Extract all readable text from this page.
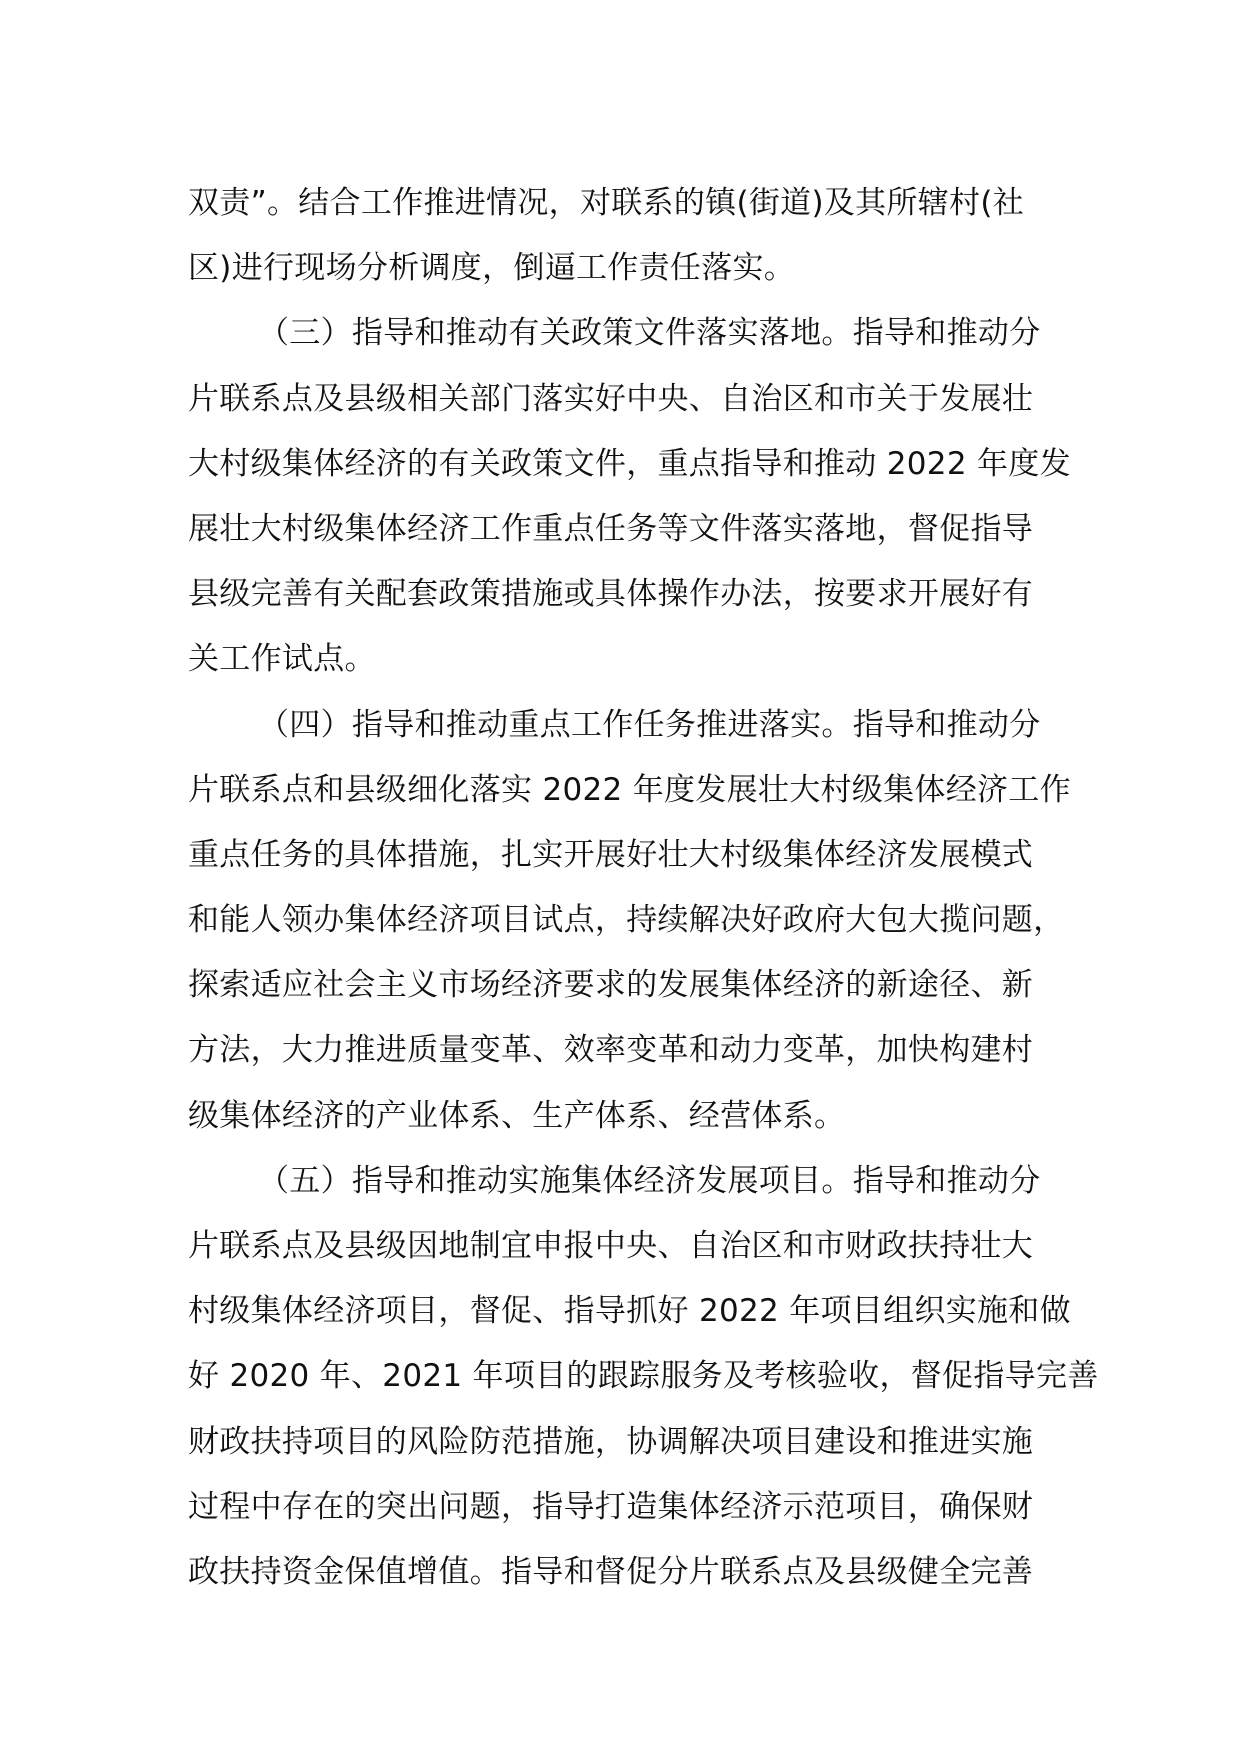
双责”。结合工作推进情况，对联系的镇(街道)及其所辖村(社
区)进行现场分析调度，倒逼工作责任落实。
（三）指导和推动有关政策文件落实落地。指导和推动分
片联系点及县级相关部门落实好中央、自治区和市关于发展壮
大村级集体经济的有关政策文件，重点指导和推动 2022 年度发
展壮大村级集体经济工作重点任务等文件落实落地，督促指导
县级完善有关配套政策措施或具体操作办法，按要求开展好有
关工作试点。
（四）指导和推动重点工作任务推进落实。指导和推动分
片联系点和县级细化落实 2022 年度发展壮大村级集体经济工作
重点任务的具体措施，扎实开展好壮大村级集体经济发展模式
和能人领办集体经济项目试点，持续解决好政府大包大揽问题，
探索适应社会主义市场经济要求的发展集体经济的新途径、新
方法，大力推进质量变革、效率变革和动力变革，加快构建村
级集体经济的产业体系、生产体系、经营体系。
（五）指导和推动实施集体经济发展项目。指导和推动分
片联系点及县级因地制宜申报中央、自治区和市财政扶持壮大
村级集体经济项目，督促、指导抓好 2022 年项目组织实施和做
好 2020 年、2021 年项目的跟踪服务及考核验收，督促指导完善
财政扶持项目的风险防范措施，协调解决项目建设和推进实施
过程中存在的突出问题，指导打造集体经济示范项目，确保财
政扶持资金保值增值。指导和督促分片联系点及县级健全完善
